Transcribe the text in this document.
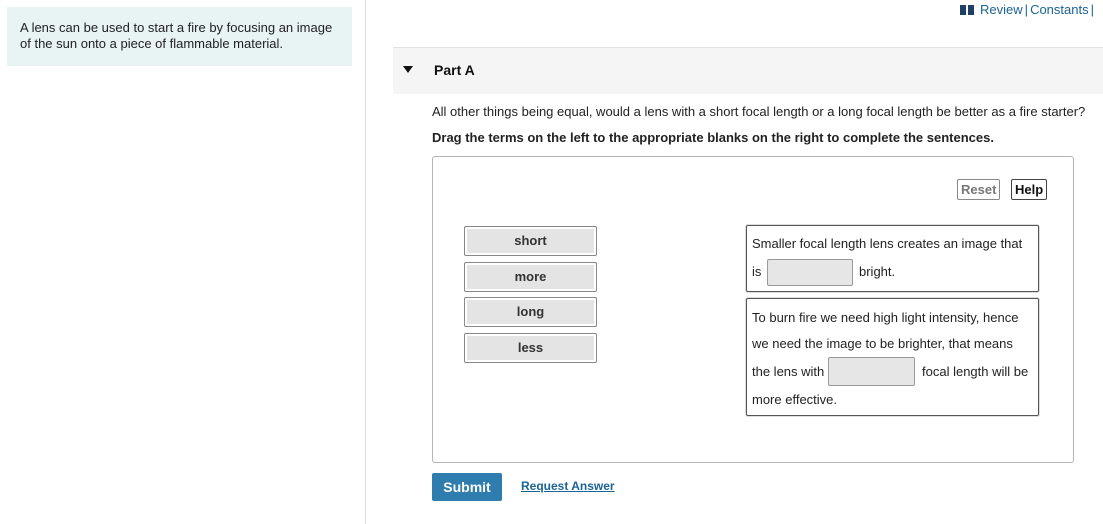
A lens can be used to start a fire by focusing an image
of the sun onto a piece of flammable material.
Review | Constants |
Part A
All other things being equal, would a lens with a short focal length or a long focal length be better as a fire starter?
Drag the terms on the left to the appropriate blanks on the right to complete the sentences.
Reset	Help
short
more
long
less
Smaller focal length lens creates an image that
is	bright.
To burn fire we need high light intensity, hence
we need the image to be brighter, that means
the lens with	focal length will be
more effective.
Submit	Request Answer
